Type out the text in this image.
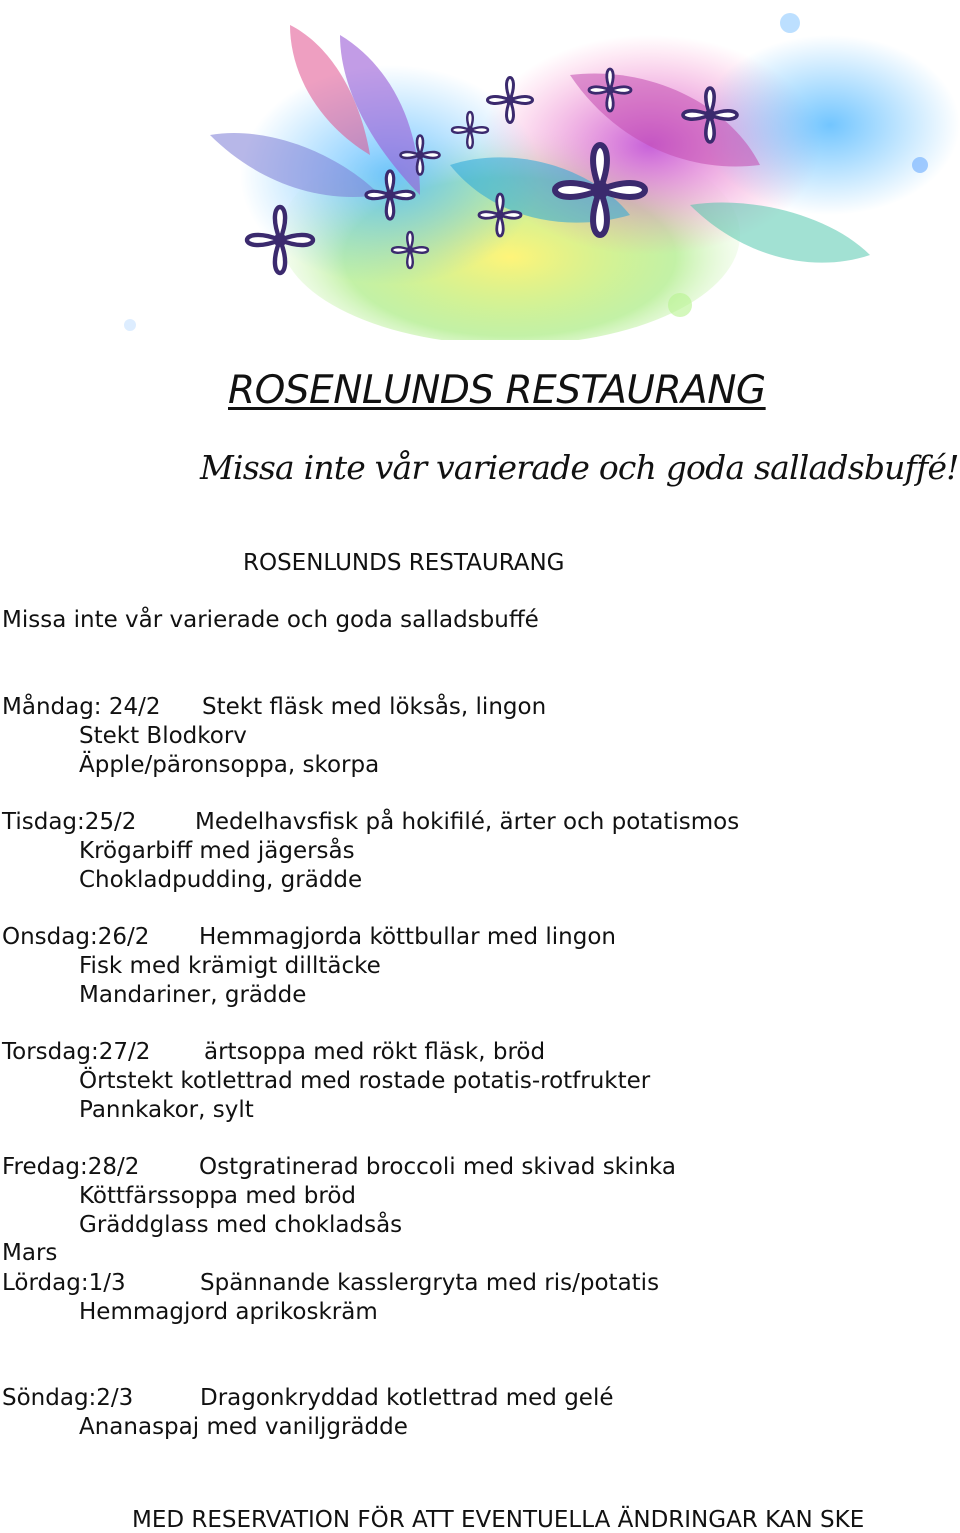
ROSENLUNDS RESTAURANG
Missa inte vår varierade och goda salladsbuffé!
ROSENLUNDS RESTAURANG
Missa inte vår varierade och goda salladsbuffé
Måndag: 24/2 Stekt fläsk med löksås, lingon
Stekt Blodkorv
Äpple/päronsoppa, skorpa
Tisdag:25/2	Medelhavsfisk på hokifilé, ärter och potatismos
Krögarbiff med jägersås
Chokladpudding, grädde
Onsdag:26/2 Hemmagjorda köttbullar med lingon
Fisk med krämigt dilltäcke
Mandariner, grädde
Torsdag:27/2 ärtsoppa med rökt fläsk, bröd
Örtstekt kotlettrad med rostade potatis-rotfrukter
Pannkakor, sylt
Fredag:28/2	Ostgratinerad broccoli med skivad skinka
Köttfärssoppa med bröd
Gräddglass med chokladsås
Mars
Lördag:1/3	Spännande kasslergryta med ris/potatis
Hemmagjord aprikoskräm
Söndag:2/3	Dragonkryddad kotlettrad med gelé
Ananaspaj med vaniljgrädde
MED RESERVATION FÖR ATT EVENTUELLA ÄNDRINGAR KAN SKE
